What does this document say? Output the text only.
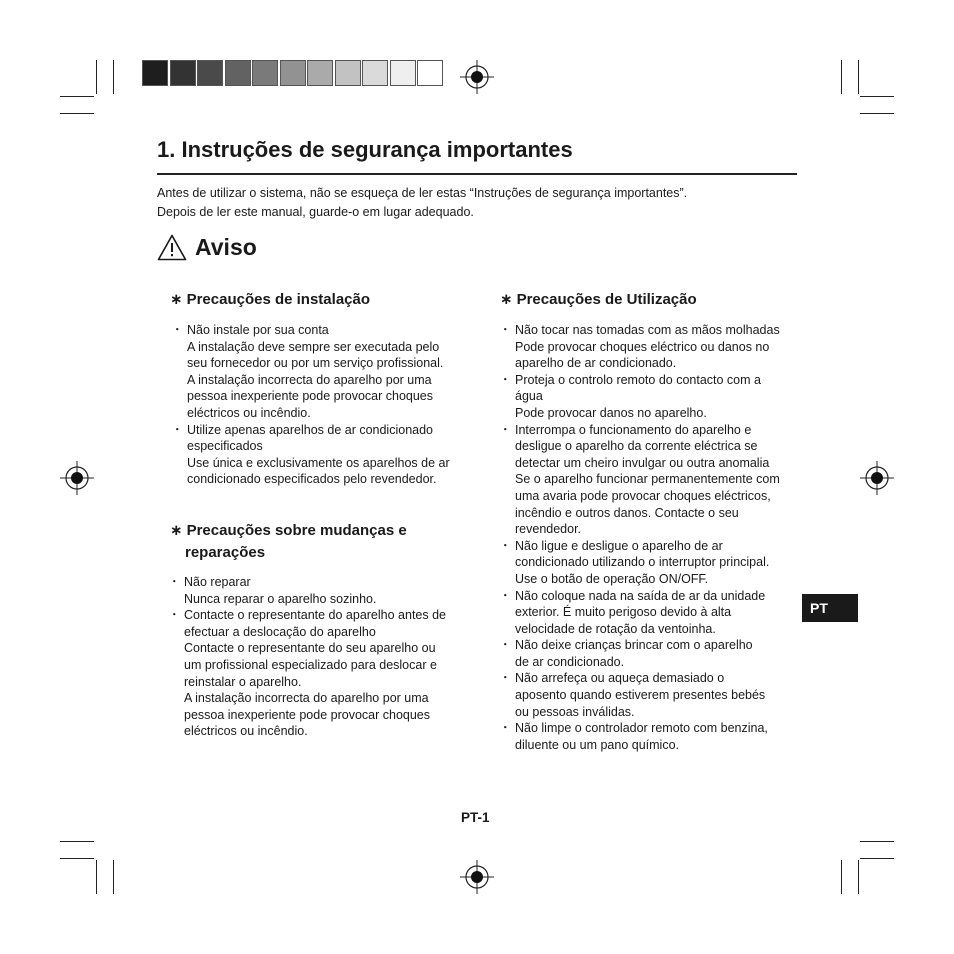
1. Instruções de segurança importantes
Antes de utilizar o sistema, não se esqueça de ler estas “Instruções de segurança importantes”.
Depois de ler este manual, guarde-o em lugar adequado.
Aviso
∗ Precauções de instalação
・ Não instale por sua conta
A instalação deve sempre ser executada pelo
seu fornecedor ou por um serviço profissional.
A instalação incorrecta do aparelho por uma
pessoa inexperiente pode provocar choques
eléctricos ou incêndio.
・ Utilize apenas aparelhos de ar condicionado
especificados
Use única e exclusivamente os aparelhos de ar
condicionado especificados pelo revendedor.
∗ Precauções sobre mudanças e
reparações
・ Não reparar
Nunca reparar o aparelho sozinho.
・ Contacte o representante do aparelho antes de
efectuar a deslocação do aparelho
Contacte o representante do seu aparelho ou
um profissional especializado para deslocar e
reinstalar o aparelho.
A instalação incorrecta do aparelho por uma
pessoa inexperiente pode provocar choques
eléctricos ou incêndio.
∗ Precauções de Utilização
・ Não tocar nas tomadas com as mãos molhadas
Pode provocar choques eléctrico ou danos no
aparelho de ar condicionado.
・ Proteja o controlo remoto do contacto com a
água
Pode provocar danos no aparelho.
・ Interrompa o funcionamento do aparelho e
desligue o aparelho da corrente eléctrica se
detectar um cheiro invulgar ou outra anomalia
Se o aparelho funcionar permanentemente com
uma avaria pode provocar choques eléctricos,
incêndio e outros danos. Contacte o seu
revendedor.
・ Não ligue e desligue o aparelho de ar
condicionado utilizando o interruptor principal.
Use o botão de operação ON/OFF.
・ Não coloque nada na saída de ar da unidade
exterior. É muito perigoso devido à alta
velocidade de rotação da ventoinha.
・ Não deixe crianças brincar com o aparelho
de ar condicionado.
・ Não arrefeça ou aqueça demasiado o
aposento quando estiverem presentes bebés
ou pessoas inválidas.
・ Não limpe o controlador remoto com benzina,
diluente ou um pano químico.
PT
PT-1
